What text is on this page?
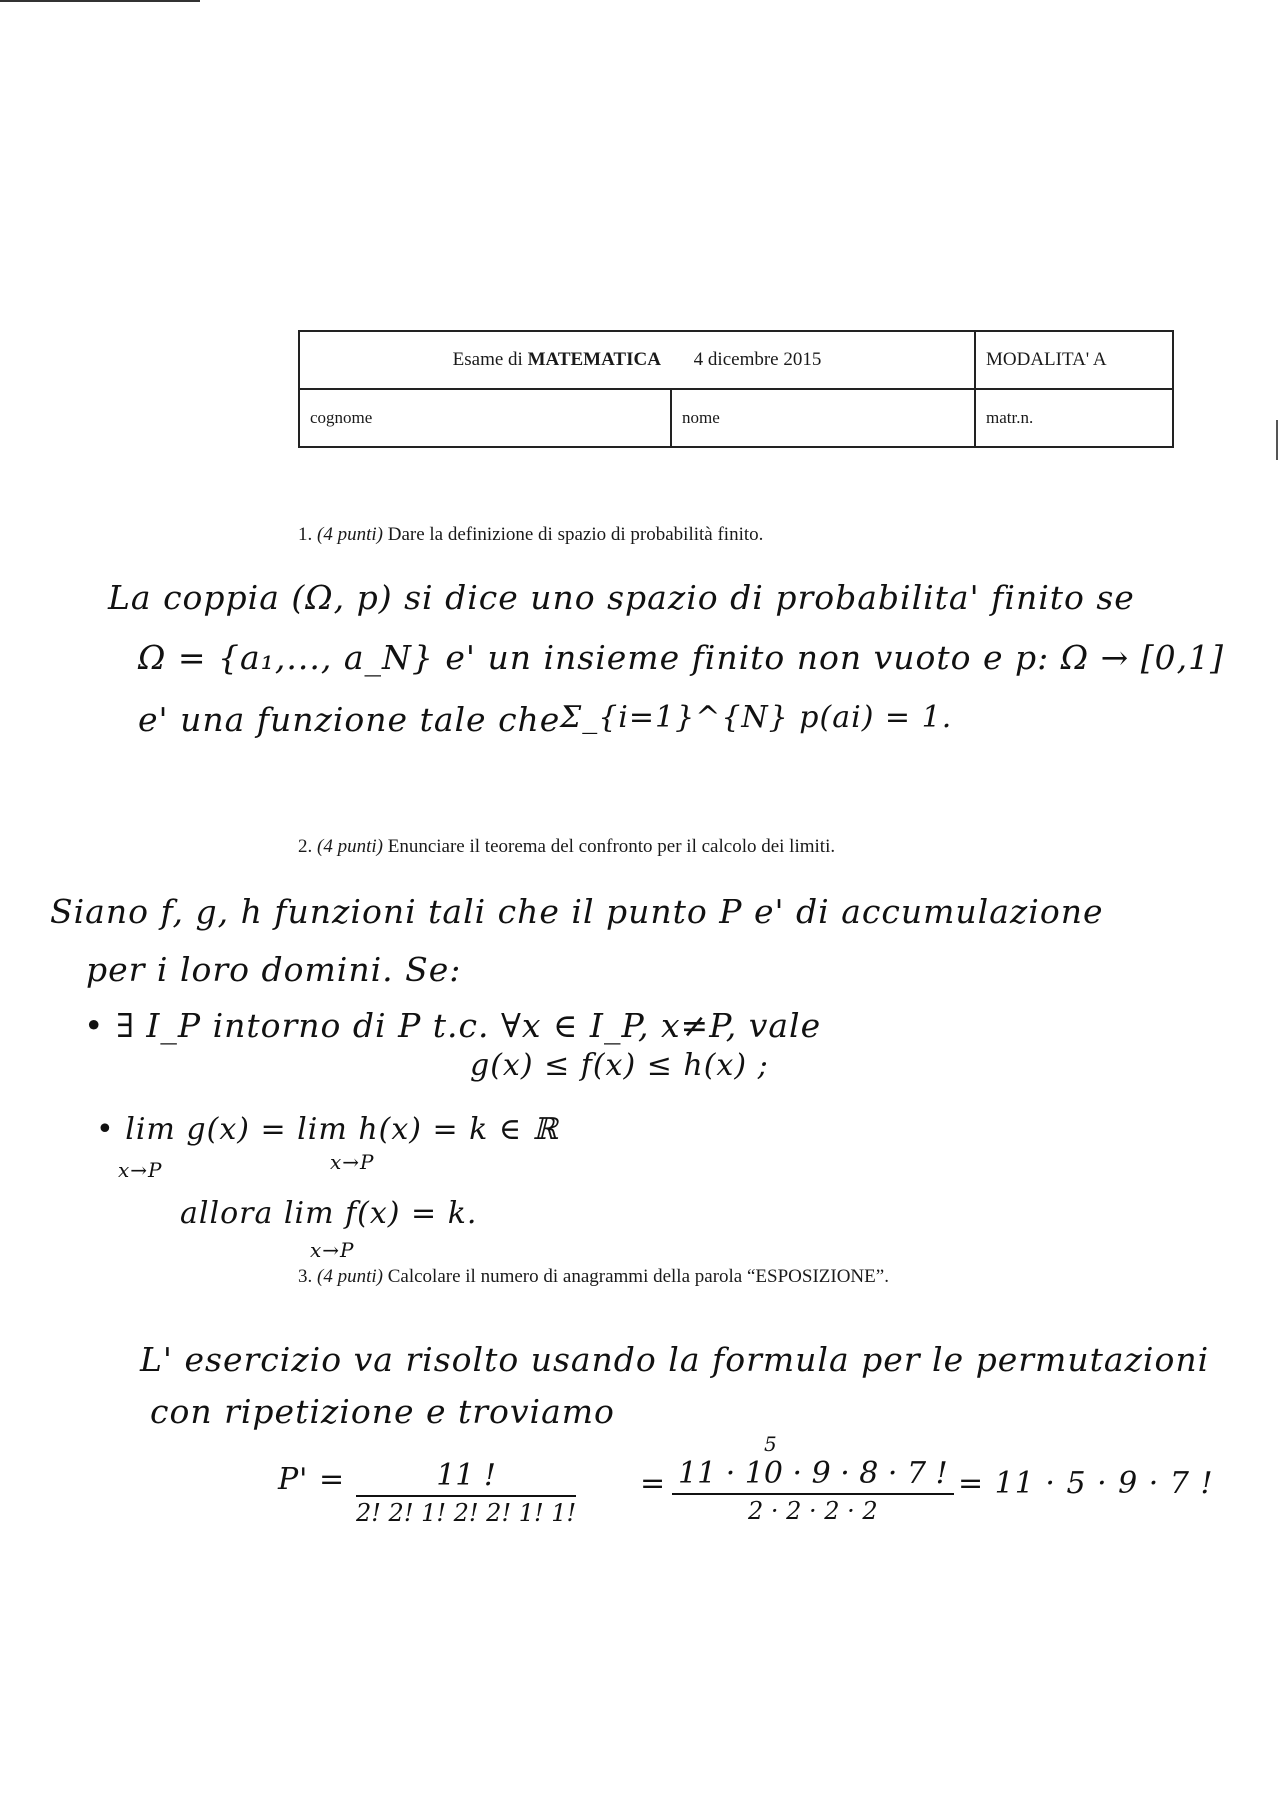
Esame di MATEMATICA 4 dicembre 2015		MODALITA' A
cognome	nome	matr.n.
1. (4 punti) Dare la definizione di spazio di probabilità finito.
La coppia (Ω, p) si dice uno spazio di probabilita' finito se
Ω = {a₁,..., a_N} e' un insieme finito non vuoto e p: Ω → [0,1]
e' una funzione tale che Σ_{i=1}^{N} p(ai) = 1.
2. (4 punti) Enunciare il teorema del confronto per il calcolo dei limiti.
Siano f, g, h funzioni tali che il punto P e' di accumulazione
per i loro domini. Se:
• ∃ I_P intorno di P t.c. ∀x ∈ I_P, x≠P, vale
g(x) ≤ f(x) ≤ h(x) ;
• lim g(x) = lim h(x) = k ∈ ℝ
x→P	x→P
allora lim f(x) = k.
x→P
3. (4 punti) Calcolare il numero di anagrammi della parola “ESPOSIZIONE”.
L' esercizio va risolto usando la formula per le permutazioni
con ripetizione e troviamo
P' =	11 !
2! 2! 1! 2! 2! 1! 1!
=
5
11 · 10 · 9 · 8 · 7 !
2 · 2 · 2 · 2
= 11 · 5 · 9 · 7 !
